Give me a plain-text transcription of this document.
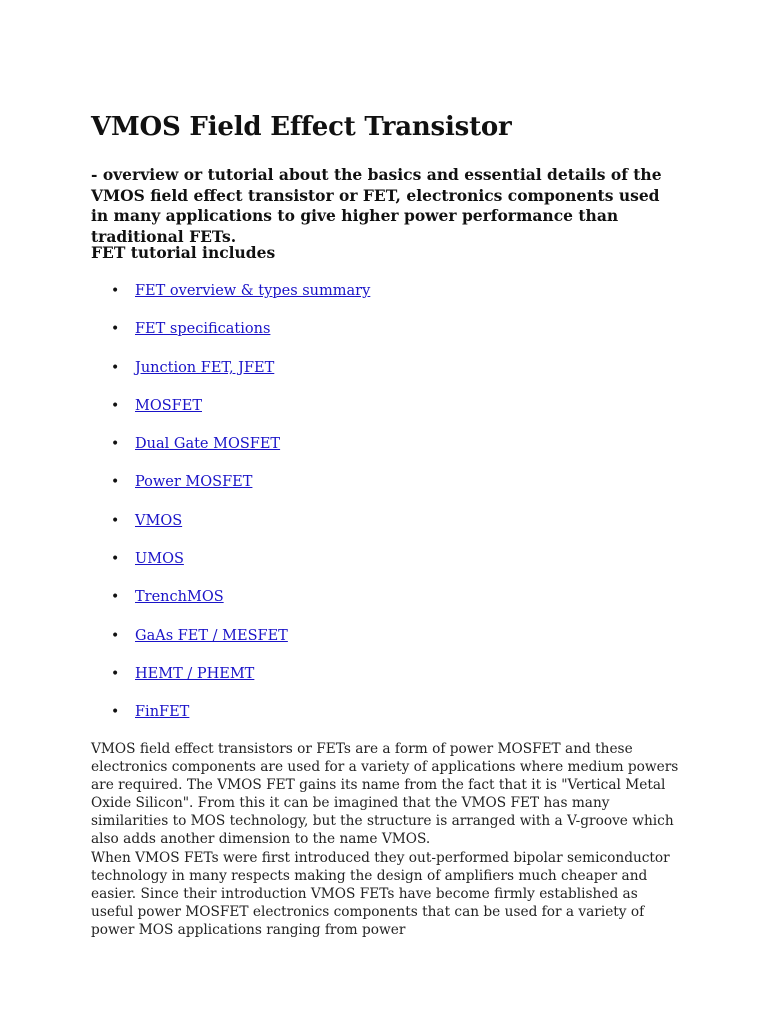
VMOS Field Effect Transistor

- overview or tutorial about the basics and essential details of the VMOS field effect transistor or FET, electronics components used in many applications to give higher power performance than traditional FETs.

FET tutorial includes

• FET overview & types summary
• FET specifications
• Junction FET, JFET
• MOSFET
• Dual Gate MOSFET
• Power MOSFET
• VMOS
• UMOS
• TrenchMOS
• GaAs FET / MESFET
• HEMT / PHEMT
• FinFET

VMOS field effect transistors or FETs are a form of power MOSFET and these electronics components are used for a variety of applications where medium powers are required. The VMOS FET gains its name from the fact that it is "Vertical Metal Oxide Silicon". From this it can be imagined that the VMOS FET has many similarities to MOS technology, but the structure is arranged with a V-groove which also adds another dimension to the name VMOS.

When VMOS FETs were first introduced they out-performed bipolar semiconductor technology in many respects making the design of amplifiers much cheaper and easier. Since their introduction VMOS FETs have become firmly established as useful power MOSFET electronics components that can be used for a variety of power MOS applications ranging from power
